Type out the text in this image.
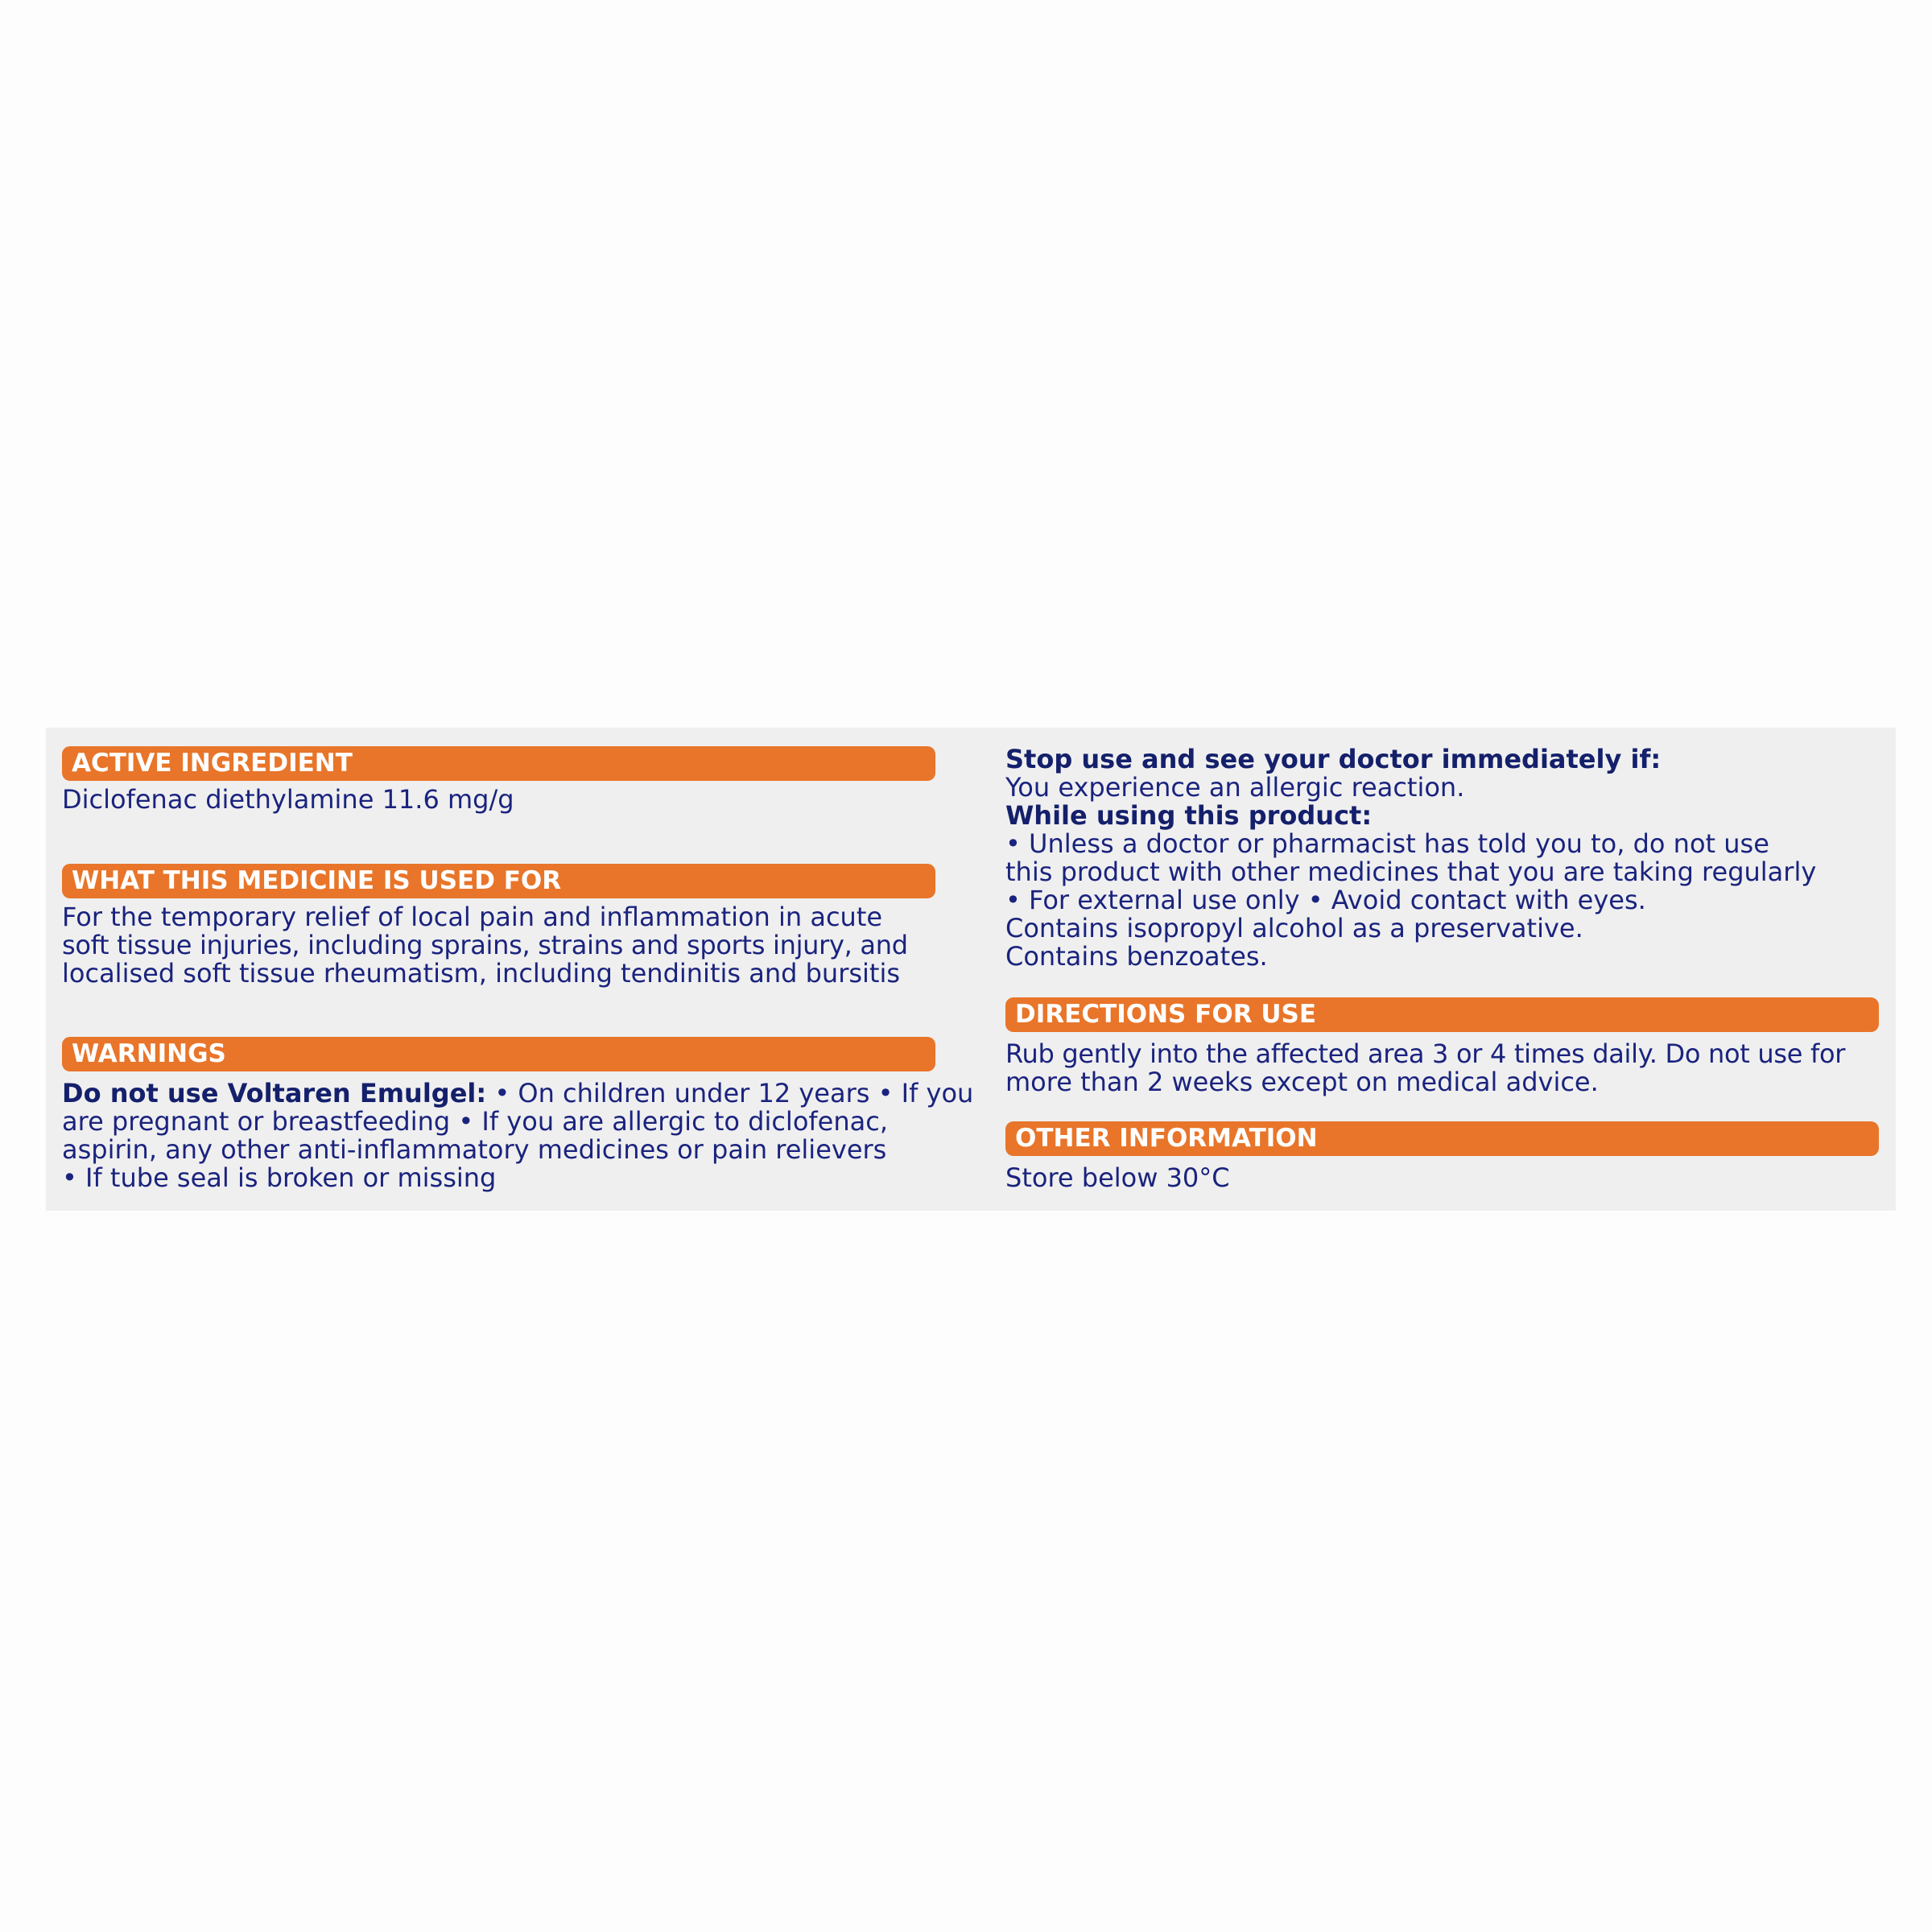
ACTIVE INGREDIENT
Diclofenac diethylamine 11.6 mg/g
WHAT THIS MEDICINE IS USED FOR
For the temporary relief of local pain and inflammation in acute
soft tissue injuries, including sprains, strains and sports injury, and
localised soft tissue rheumatism, including tendinitis and bursitis
WARNINGS
Do not use Voltaren Emulgel: • On children under 12 years • If you
are pregnant or breastfeeding • If you are allergic to diclofenac,
aspirin, any other anti-inflammatory medicines or pain relievers
• If tube seal is broken or missing
Stop use and see your doctor immediately if:
You experience an allergic reaction.
While using this product:
• Unless a doctor or pharmacist has told you to, do not use
this product with other medicines that you are taking regularly
• For external use only • Avoid contact with eyes.
Contains isopropyl alcohol as a preservative.
Contains benzoates.
DIRECTIONS FOR USE
Rub gently into the affected area 3 or 4 times daily. Do not use for
more than 2 weeks except on medical advice.
OTHER INFORMATION
Store below 30°C
